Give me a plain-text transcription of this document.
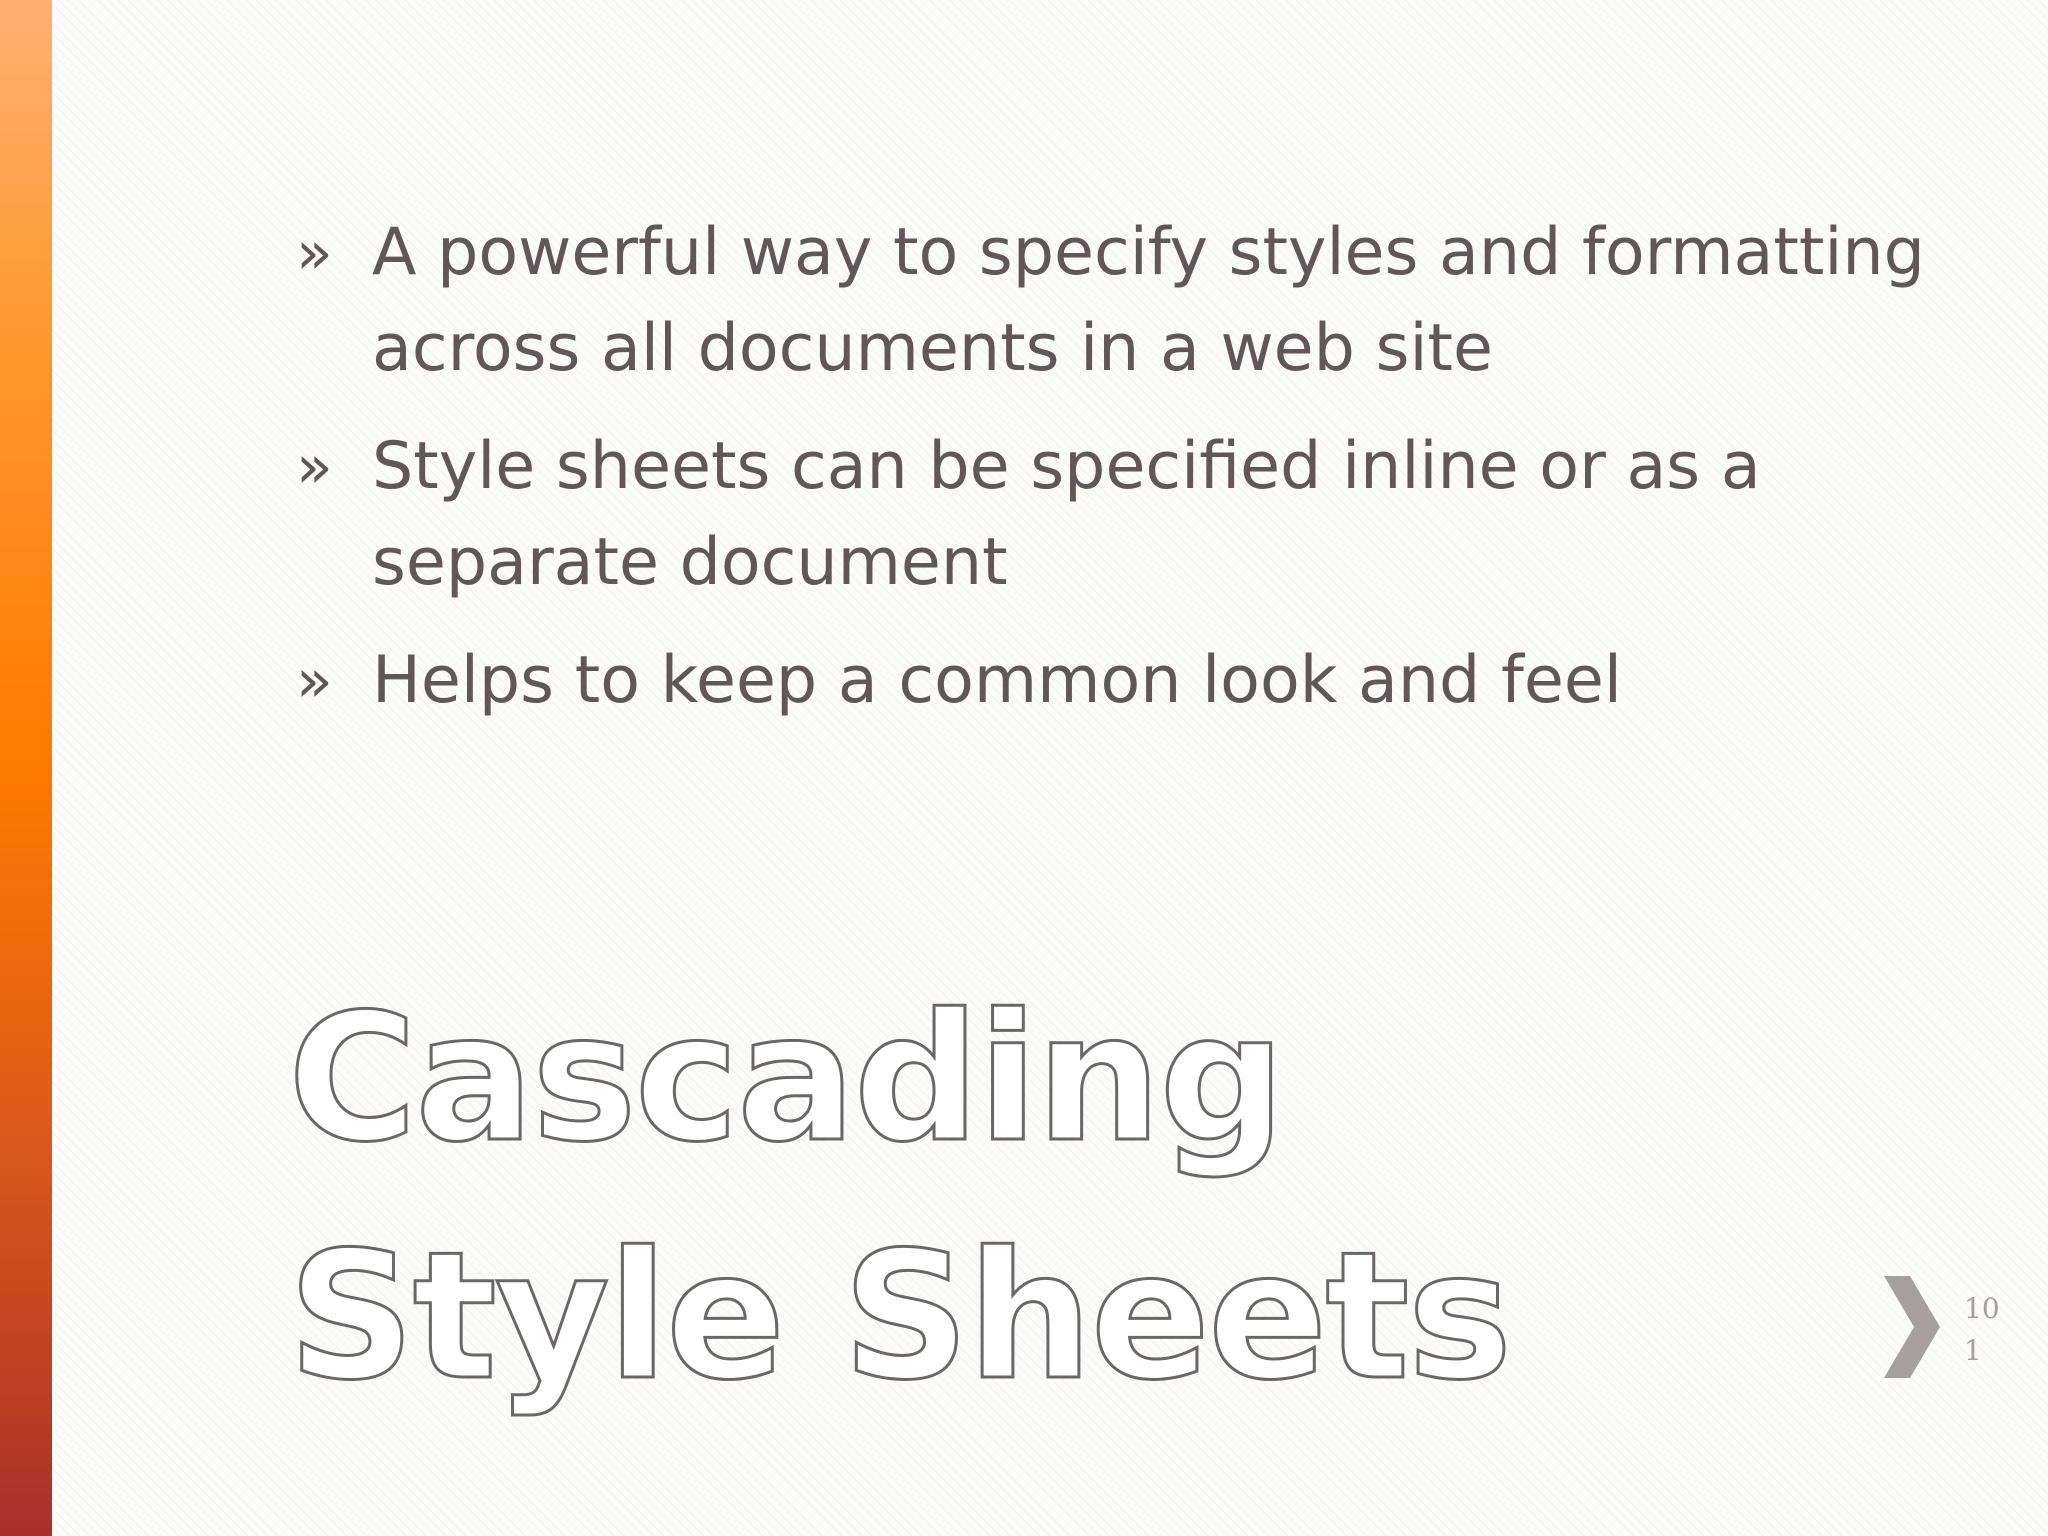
» A powerful way to specify styles and formatting across all documents in a web site
» Style sheets can be specified inline or as a separate document
» Helps to keep a common look and feel
Cascading Style Sheets	101
